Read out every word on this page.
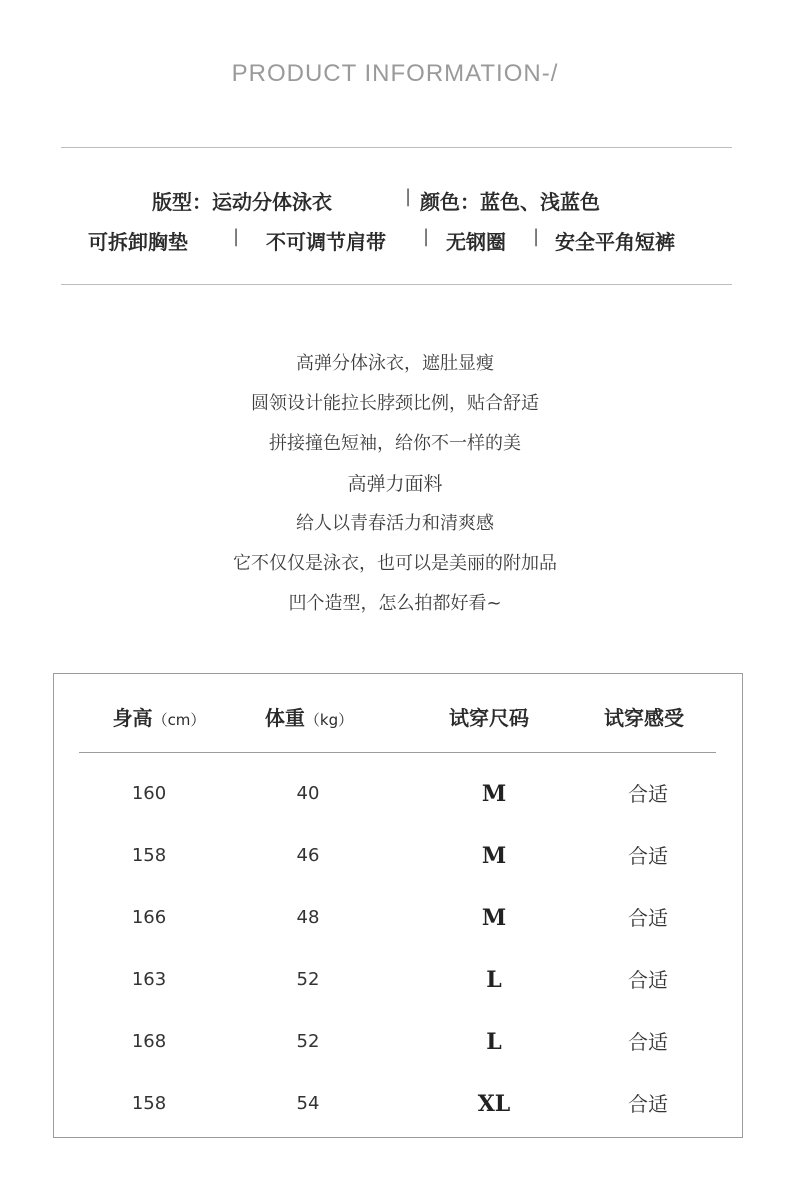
PRODUCT INFORMATION-/
版型：运动分体泳衣	| 颜色：蓝色、浅蓝色
可拆卸胸垫	| 不可调节肩带 | 无钢圈 | 安全平角短裤
高弹分体泳衣，遮肚显瘦
圆领设计能拉长脖颈比例，贴合舒适
拼接撞色短袖，给你不一样的美
高弹力面料
给人以青春活力和清爽感
它不仅仅是泳衣，也可以是美丽的附加品
凹个造型，怎么拍都好看~
身高（cm）	体重（kg）	试穿尺码	试穿感受
160	40	M	合适
158	46	M	合适
166	48	M	合适
163	52	L	合适
168	52	L	合适
158	54	XL	合适
